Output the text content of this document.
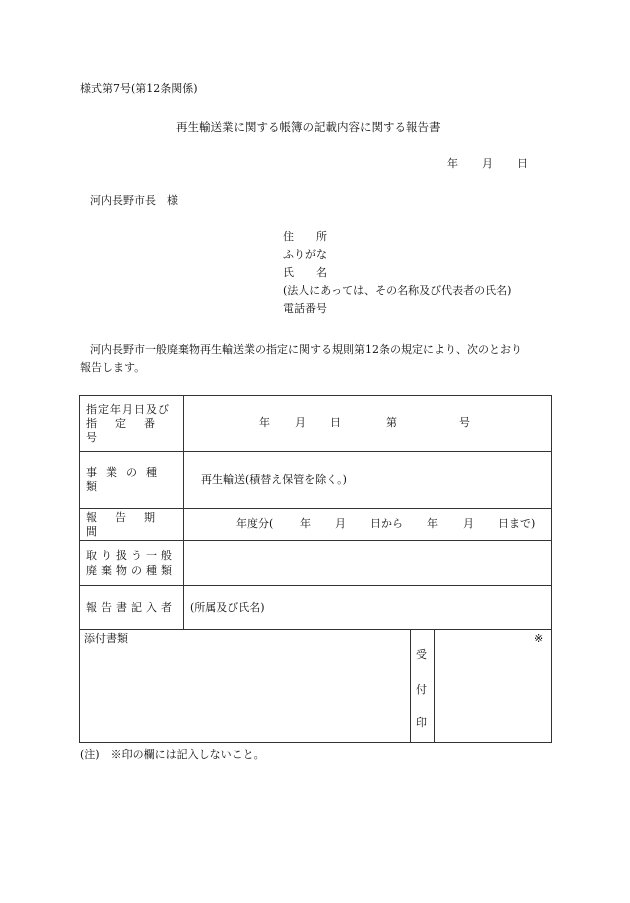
様式第7号(第12条関係)
再生輸送業に関する帳簿の記載内容に関する報告書
年 月 日
河内長野市長　様
住　　所
ふりがな
氏　　名
(法人にあっては、その名称及び代表者の氏名)
電話番号
河内長野市一般廃棄物再生輸送業の指定に関する規則第12条の規定により、次のとおり
報告します。
指定年月日及び
指定番号
年 月 日	第	号
事業の種類
再生輸送(積替え保管を除く。)
報告期間
年度分( 年 月 日から 年 月 日まで)
取り扱う一般
廃棄物の種類
報告書記入者 (所属及び氏名)
添付書類
受
付
印
※
(注)　※印の欄には記入しないこと。
